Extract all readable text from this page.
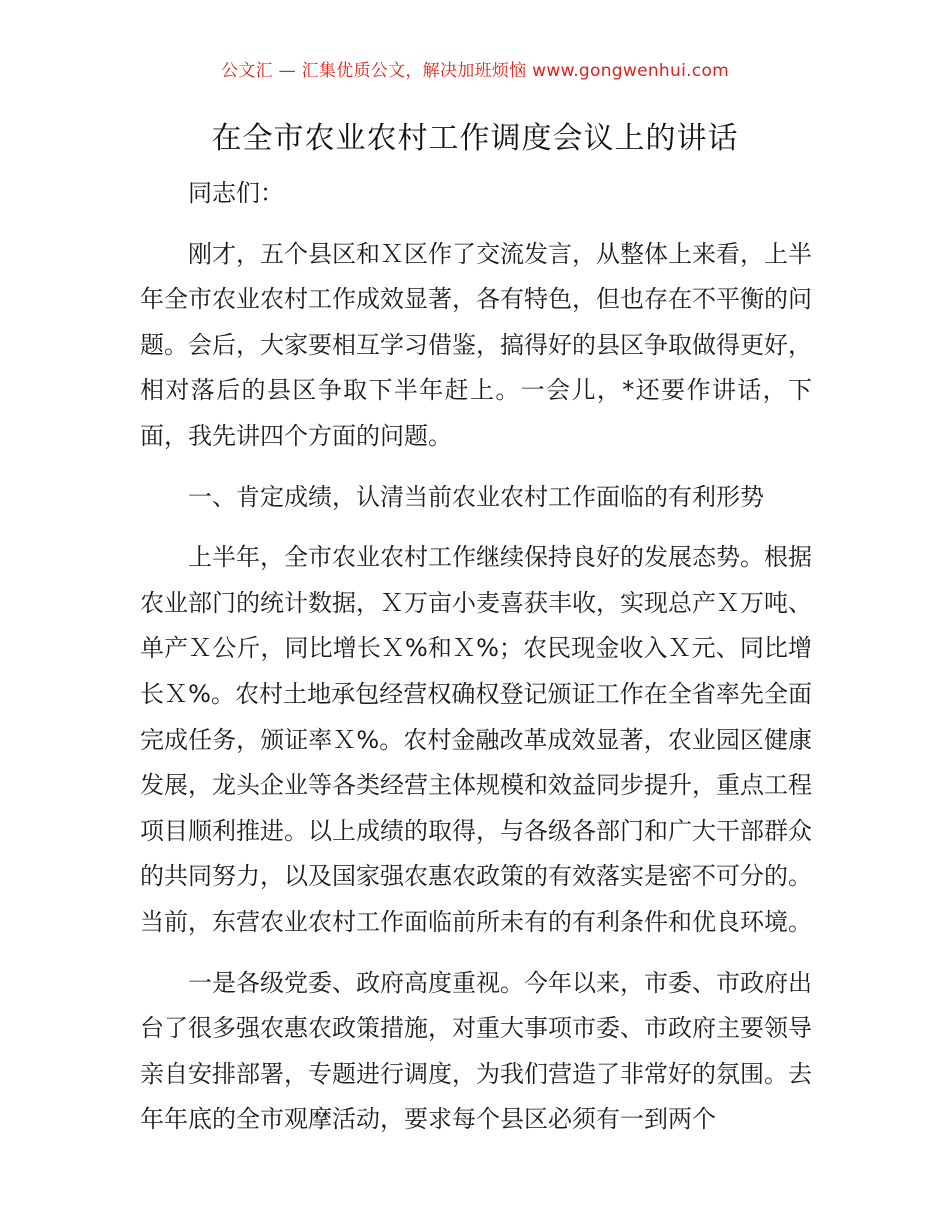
公文汇 — 汇集优质公文，解决加班烦恼 www.gongwenhui.com
在全市农业农村工作调度会议上的讲话

同志们：

刚才，五个县区和Ｘ区作了交流发言，从整体上来看，上半年全市农业农村工作成效显著，各有特色，但也存在不平衡的问题。会后，大家要相互学习借鉴，搞得好的县区争取做得更好，相对落后的县区争取下半年赶上。一会儿，*还要作讲话，下面，我先讲四个方面的问题。

一、肯定成绩，认清当前农业农村工作面临的有利形势

上半年，全市农业农村工作继续保持良好的发展态势。根据农业部门的统计数据，Ｘ万亩小麦喜获丰收，实现总产Ｘ万吨、单产Ｘ公斤，同比增长Ｘ%和Ｘ%；农民现金收入Ｘ元、同比增长Ｘ%。农村土地承包经营权确权登记颁证工作在全省率先全面完成任务，颁证率Ｘ%。农村金融改革成效显著，农业园区健康发展，龙头企业等各类经营主体规模和效益同步提升，重点工程项目顺利推进。以上成绩的取得，与各级各部门和广大干部群众的共同努力，以及国家强农惠农政策的有效落实是密不可分的。当前，东营农业农村工作面临前所未有的有利条件和优良环境。

一是各级党委、政府高度重视。今年以来，市委、市政府出台了很多强农惠农政策措施，对重大事项市委、市政府主要领导亲自安排部署，专题进行调度，为我们营造了非常好的氛围。去年年底的全市观摩活动，要求每个县区必须有一到两个
